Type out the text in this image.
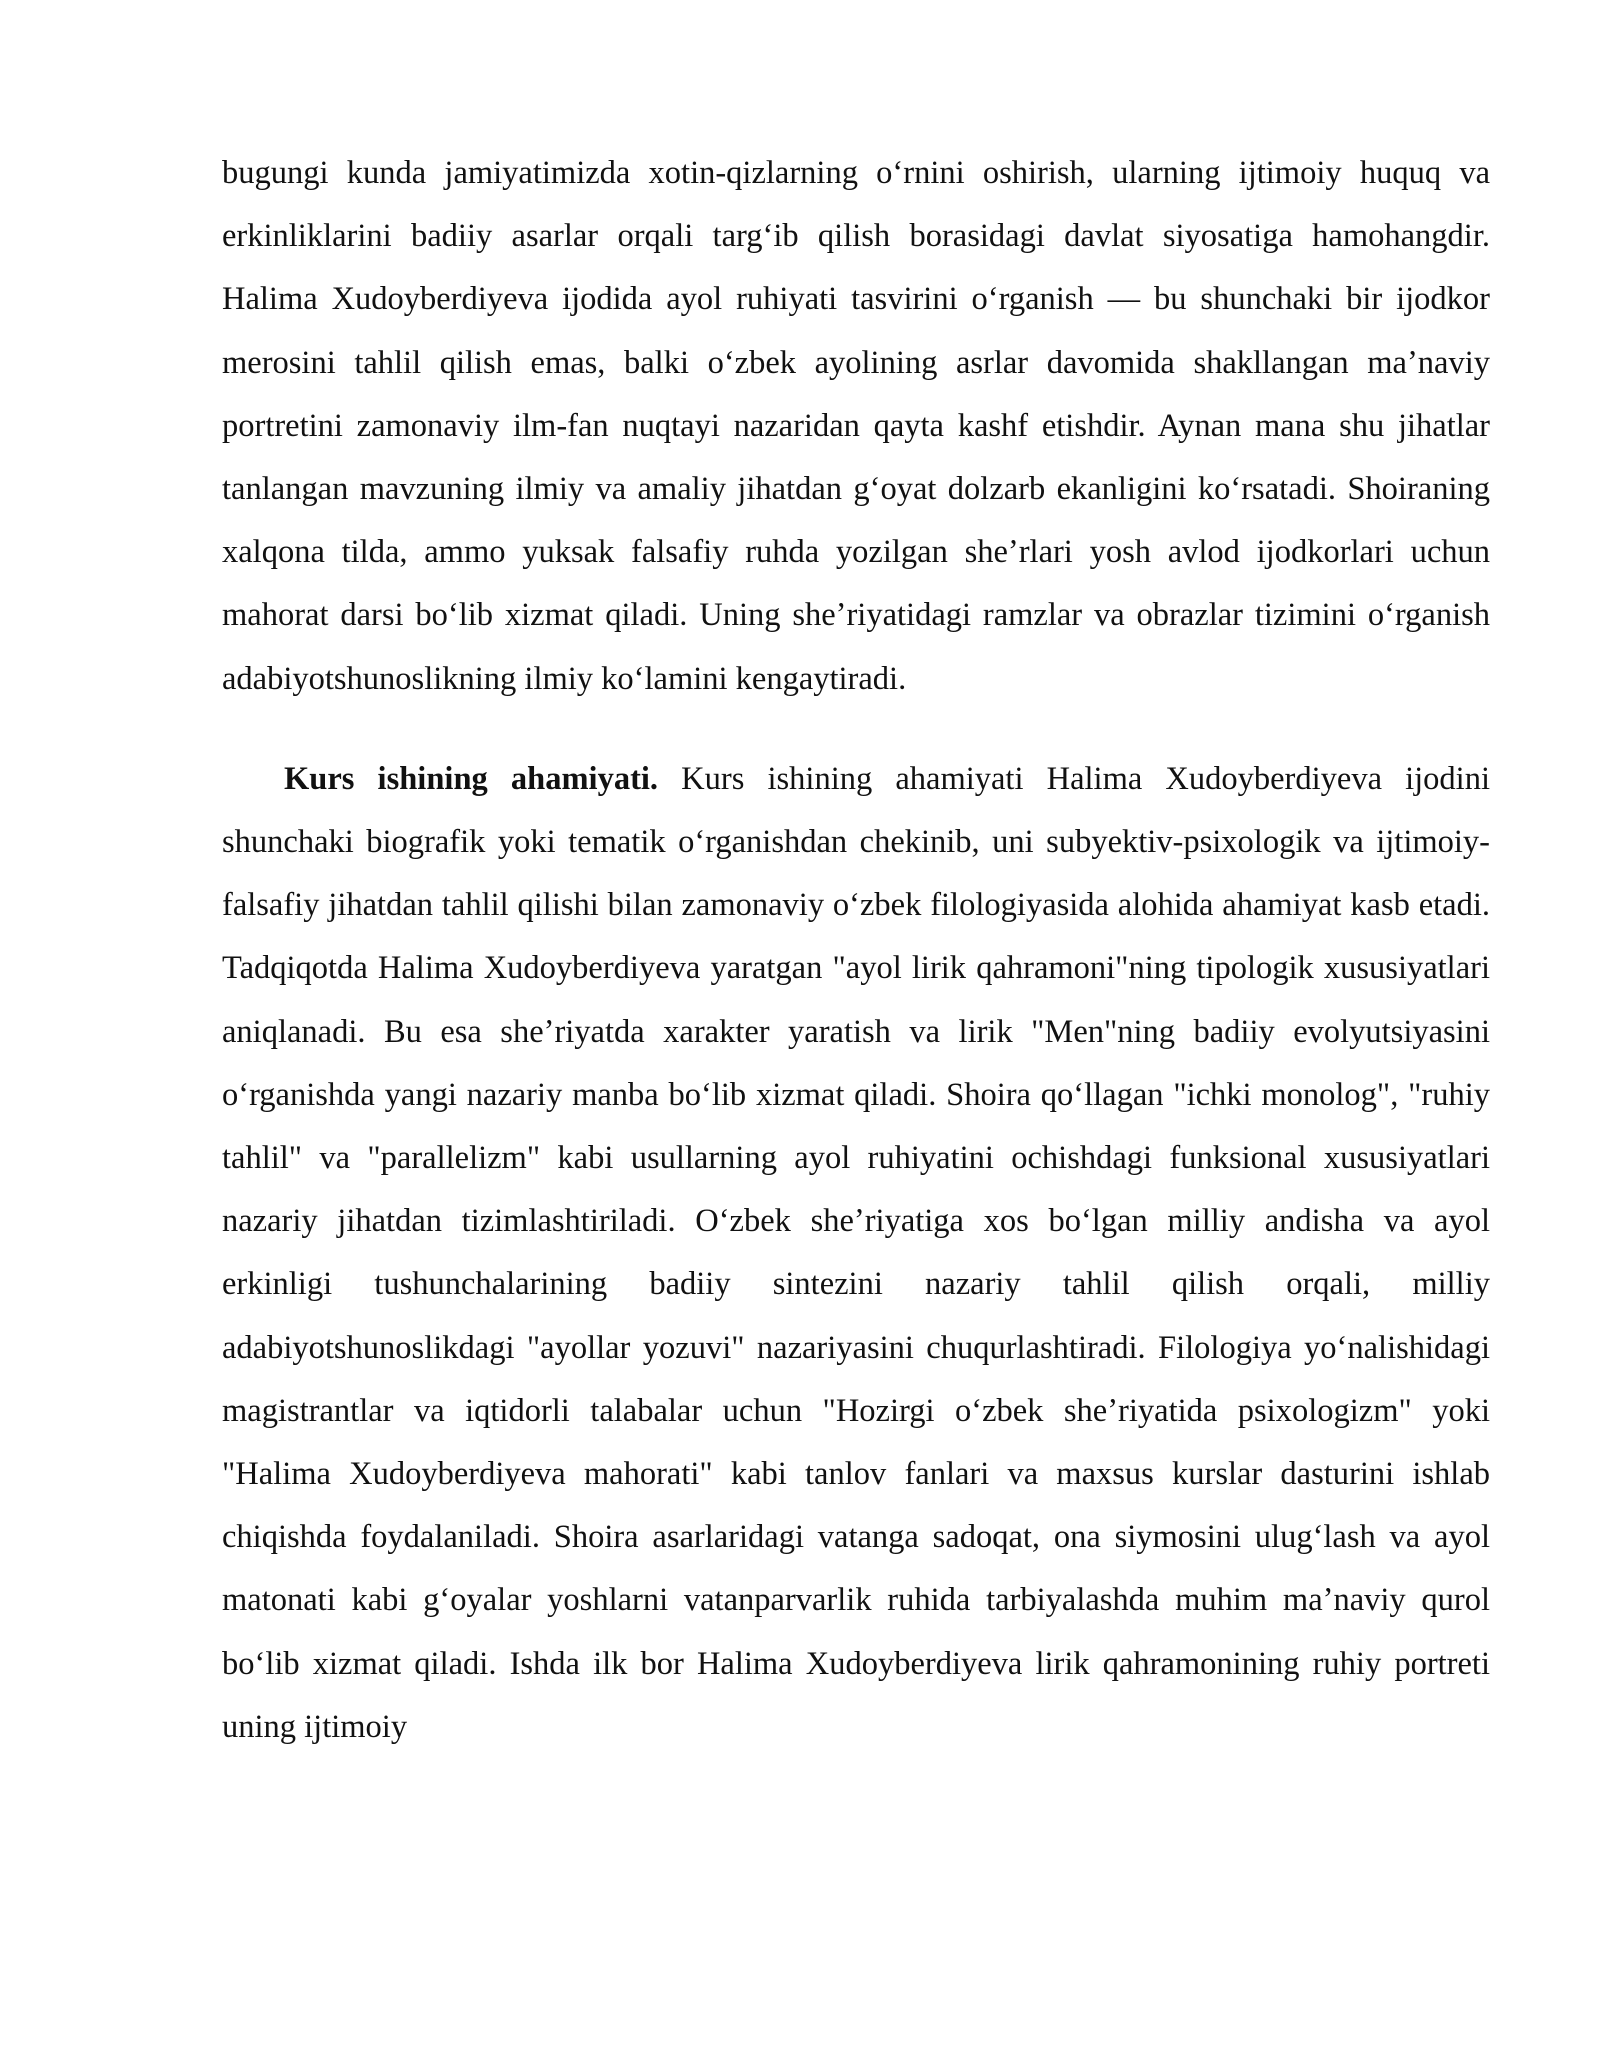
bugungi kunda jamiyatimizda xotin-qizlarning oʻrnini oshirish, ularning ijtimoiy huquq va erkinliklarini badiiy asarlar orqali targʻib qilish borasidagi davlat siyosatiga hamohangdir. Halima Xudoyberdiyeva ijodida ayol ruhiyati tasvirini oʻrganish — bu shunchaki bir ijodkor merosini tahlil qilish emas, balki oʻzbek ayolining asrlar davomida shakllangan maʼnaviy portretini zamonaviy ilm-fan nuqtayi nazaridan qayta kashf etishdir. Aynan mana shu jihatlar tanlangan mavzuning ilmiy va amaliy jihatdan gʻoyat dolzarb ekanligini koʻrsatadi. Shoiraning xalqona tilda, ammo yuksak falsafiy ruhda yozilgan sheʼrlari yosh avlod ijodkorlari uchun mahorat darsi boʻlib xizmat qiladi. Uning sheʼriyatidagi ramzlar va obrazlar tizimini oʻrganish adabiyotshunoslikning ilmiy koʻlamini kengaytiradi.

Kurs ishining ahamiyati. Kurs ishining ahamiyati Halima Xudoyberdiyeva ijodini shunchaki biografik yoki tematik oʻrganishdan chekinib, uni subyektiv-psixologik va ijtimoiy-falsafiy jihatdan tahlil qilishi bilan zamonaviy oʻzbek filologiyasida alohida ahamiyat kasb etadi. Tadqiqotda Halima Xudoyberdiyeva yaratgan "ayol lirik qahramoni"ning tipologik xususiyatlari aniqlanadi. Bu esa sheʼriyatda xarakter yaratish va lirik "Men"ning badiiy evolyutsiyasini oʻrganishda yangi nazariy manba boʻlib xizmat qiladi. Shoira qoʻllagan "ichki monolog", "ruhiy tahlil" va "parallelizm" kabi usullarning ayol ruhiyatini ochishdagi funksional xususiyatlari nazariy jihatdan tizimlashtiriladi. Oʻzbek sheʼriyatiga xos boʻlgan milliy andisha va ayol erkinligi tushunchalarining badiiy sintezini nazariy tahlil qilish orqali, milliy adabiyotshunoslikdagi "ayollar yozuvi" nazariyasini chuqurlashtiradi. Filologiya yoʻnalishidagi magistrantlar va iqtidorli talabalar uchun "Hozirgi oʻzbek sheʼriyatida psixologizm" yoki "Halima Xudoyberdiyeva mahorati" kabi tanlov fanlari va maxsus kurslar dasturini ishlab chiqishda foydalaniladi. Shoira asarlaridagi vatanga sadoqat, ona siymosini ulugʻlash va ayol matonati kabi gʻoyalar yoshlarni vatanparvarlik ruhida tarbiyalashda muhim maʼnaviy qurol boʻlib xizmat qiladi. Ishda ilk bor Halima Xudoyberdiyeva lirik qahramonining ruhiy portreti uning ijtimoiy
